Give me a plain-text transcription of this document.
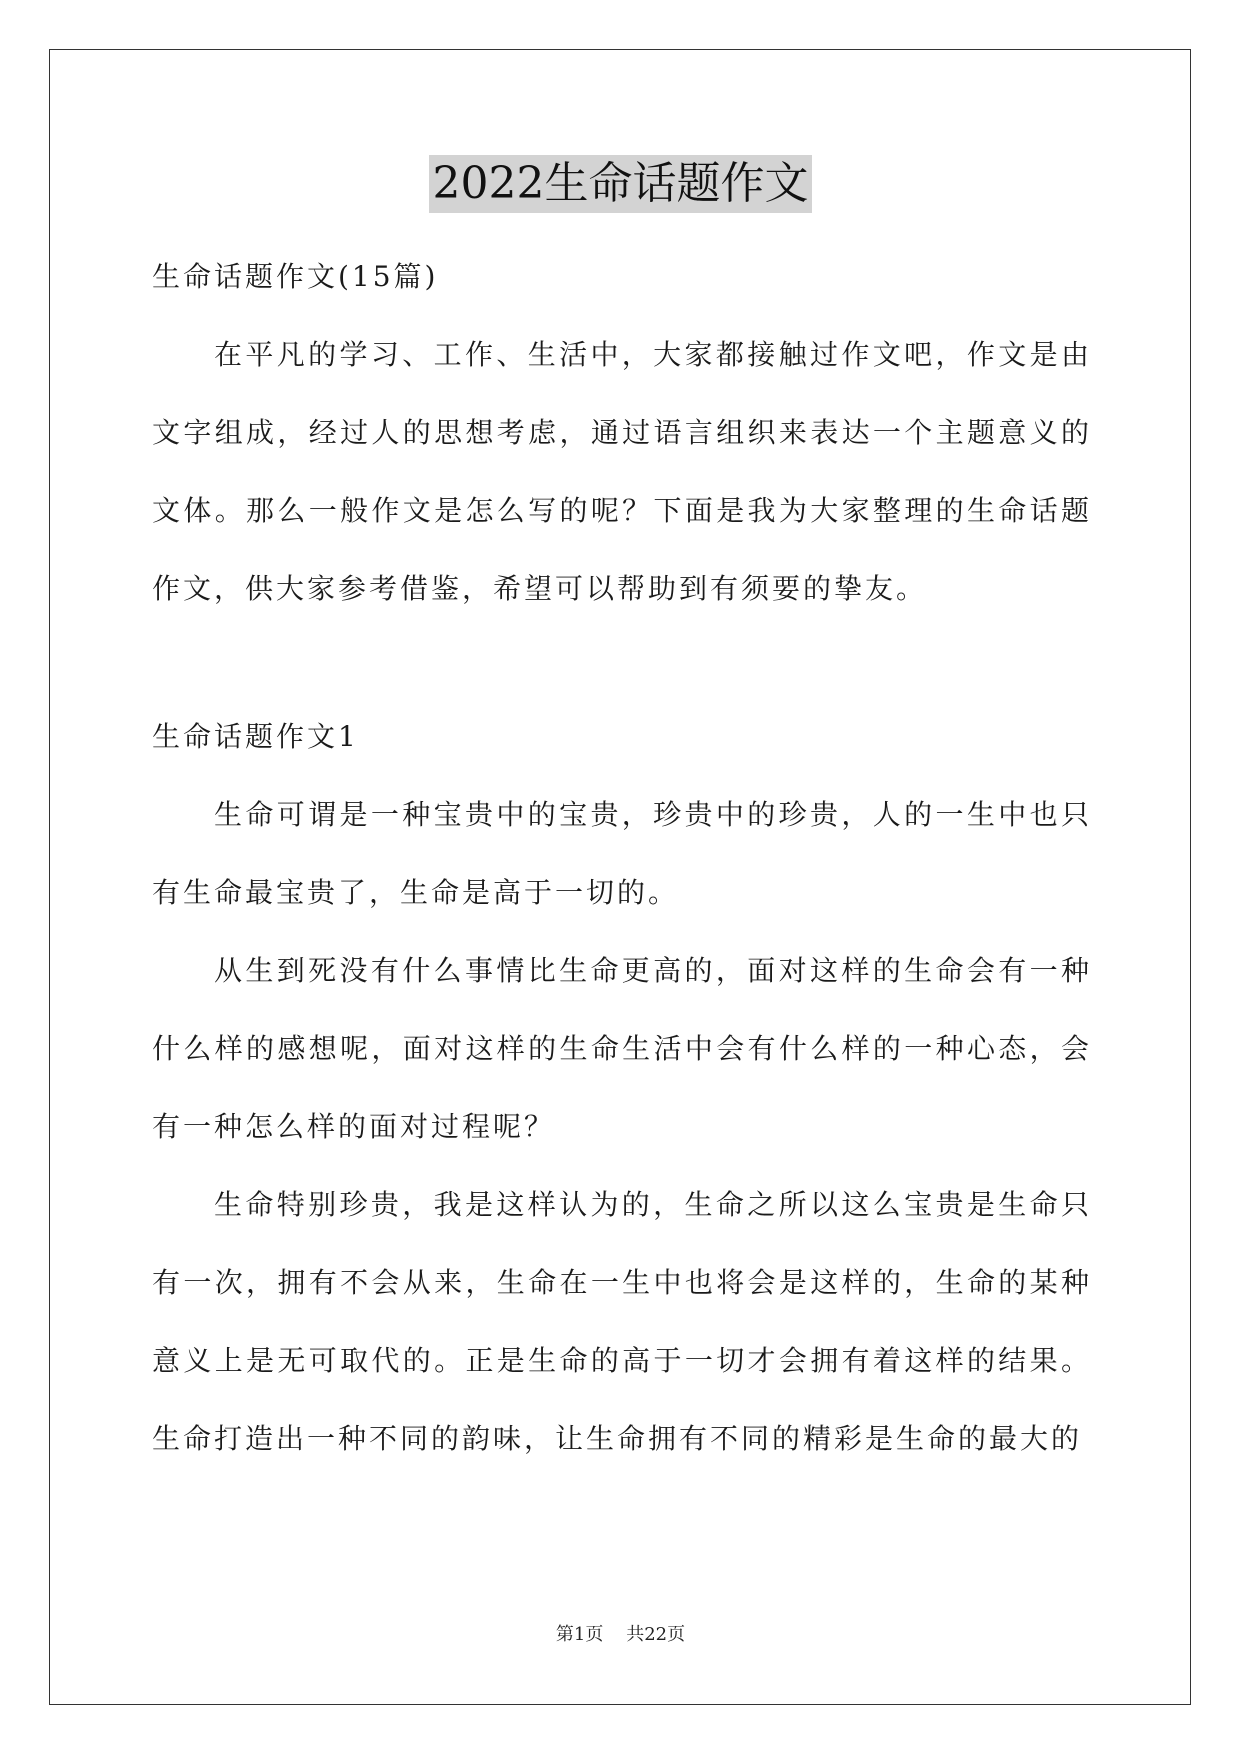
2022生命话题作文

生命话题作文(15篇)

在平凡的学习、工作、生活中，大家都接触过作文吧，作文是由文字组成，经过人的思想考虑，通过语言组织来表达一个主题意义的文体。那么一般作文是怎么写的呢？下面是我为大家整理的生命话题作文，供大家参考借鉴，希望可以帮助到有须要的挚友。

生命话题作文1

生命可谓是一种宝贵中的宝贵，珍贵中的珍贵，人的一生中也只有生命最宝贵了，生命是高于一切的。

从生到死没有什么事情比生命更高的，面对这样的生命会有一种什么样的感想呢，面对这样的生命生活中会有什么样的一种心态，会有一种怎么样的面对过程呢？

生命特别珍贵，我是这样认为的，生命之所以这么宝贵是生命只有一次，拥有不会从来，生命在一生中也将会是这样的，生命的某种意义上是无可取代的。正是生命的高于一切才会拥有着这样的结果。生命打造出一种不同的韵味，让生命拥有不同的精彩是生命的最大的

第1页 共22页
